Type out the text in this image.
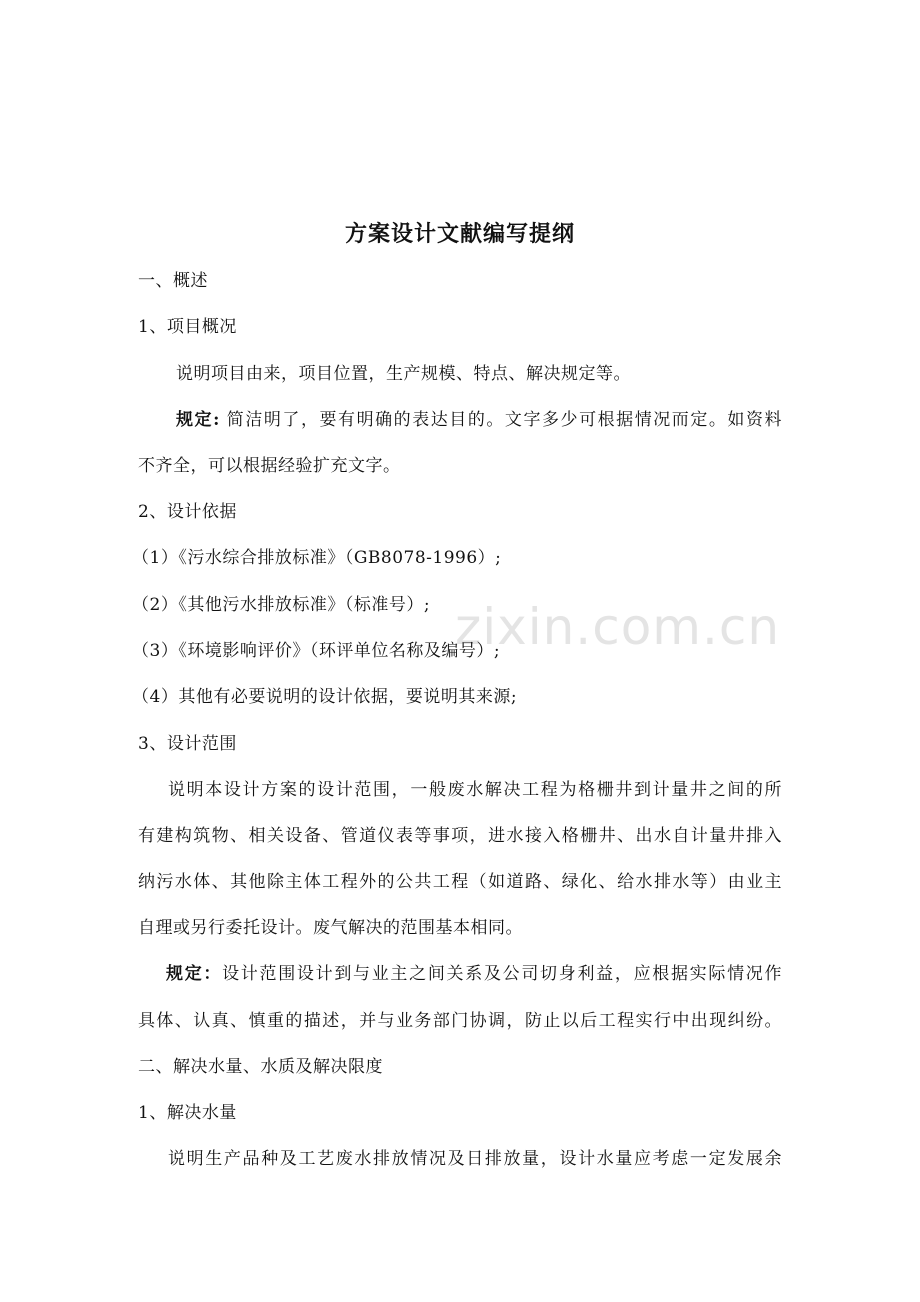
zixin.com.cn
方案设计文献编写提纲
一、概述
1、项目概况
说明项目由来，项目位置，生产规模、特点、解决规定等。
规定: 简洁明了，要有明确的表达目的。文字多少可根据情况而定。如资料
不齐全，可以根据经验扩充文字。
2、设计依据
（1）《污水综合排放标准》（GB8078-1996）;
（2）《其他污水排放标准》（标准号）;
（3）《环境影响评价》（环评单位名称及编号）;
（4）其他有必要说明的设计依据，要说明其来源;
3、设计范围
说明本设计方案的设计范围，一般废水解决工程为格栅井到计量井之间的所
有建构筑物、相关设备、管道仪表等事项，进水接入格栅井、出水自计量井排入
纳污水体、其他除主体工程外的公共工程（如道路、绿化、给水排水等）由业主
自理或另行委托设计。废气解决的范围基本相同。
规定：设计范围设计到与业主之间关系及公司切身利益，应根据实际情况作
具体、认真、慎重的描述，并与业务部门协调，防止以后工程实行中出现纠纷。
二、解决水量、水质及解决限度
1、解决水量
说明生产品种及工艺废水排放情况及日排放量，设计水量应考虑一定发展余
